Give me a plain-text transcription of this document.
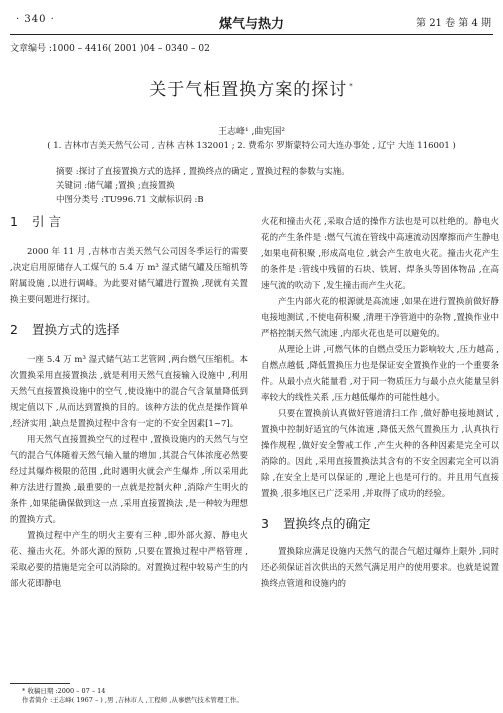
· 340 ·	煤气与热力	第 21 卷 第 4 期
文章编号 :1000 – 4416( 2001 )04 – 0340 – 02
关于气柜置换方案的探讨 *
王志峰¹ ,曲宪国²
( 1. 吉林市吉美天然气公司 , 吉林 吉林 132001 ; 2. 费希尔 罗斯蒙特公司大连办事处 , 辽宁 大连 116001 )
摘要 :探讨了直接置换方式的选择 , 置换终点的确定 , 置换过程的参数与实施。
关键词 :储气罐 ;置换 ;直接置换
中图分类号 :TU996.71 文献标识码 :B
1 引 言

2000 年 11 月 ,吉林市吉美天然气公司因冬季运行的需要 ,决定启用原储存人工煤气的 5.4 万 m³ 湿式储气罐及压缩机等附属设施 ,以进行调峰。为此要对储气罐进行置换 ,现就有关置换主要问题进行探讨。

2 置换方式的选择

一座 5.4 万 m³ 湿式储气站工艺管网 ,两台燃气压缩机。本次置换采用直接置换法 ,就是利用天然气直接输入设施中 ,利用天然气直接置换设施中的空气 ,使设施中的混合气含氧量降低到规定值以下 ,从而达到置换的目的。该种方法的优点是操作简单 ,经济实用 ,缺点是置换过程中含有一定的不安全因素[1~7]。

用天然气直接置换空气的过程中 ,置换设施内的天然气与空气的混合气体随着天然气输入量的增加 ,其混合气体浓度必然要经过其爆炸极限的范围 ,此时遇明火就会产生爆炸 ,所以采用此种方法进行置换 ,最重要的一点就是控制火种 ,消除产生明火的条件 ,如果能确保做到这一点 ,采用直接置换法 ,是一种较为理想的置换方式。

置换过程中产生的明火主要有三种 ,即外部火源、静电火花、撞击火花。外部火源的预防 ,只要在置换过程中严格管理 ,采取必要的措施是完全可以消除的。对置换过程中较易产生的内部火花即静电

火花和撞击火花 ,采取合适的操作方法也是可以杜绝的。静电火花的产生条件是 :燃气气流在管线中高速流动因摩擦而产生静电 ,如果电荷积聚 ,形成高电位 ,就会产生放电火花。撞击火花产生的条件是 :管线中残留的石块、铁屑、焊条头等固体物品 ,在高速气流的吹动下 ,发生撞击而产生火花。

产生内部火花的根源就是高流速 ,如果在进行置换前做好静电接地测试 ,不使电荷积聚 ,清理干净管道中的杂物 ,置换作业中严格控制天然气流速 ,内部火花也是可以避免的。

从理论上讲 ,可燃气体的自燃点受压力影响较大 ,压力越高 ,自燃点越低 ,降低置换压力也是保证安全置换作业的一个重要条件。从最小点火能量看 ,对于同一物质压力与最小点火能量呈斜率较大的线性关系 ,压力越低爆炸的可能性越小。

只要在置换前认真做好管道清扫工作 ,做好静电接地测试 ,置换中控制好适宜的气体流速 ,降低天然气置换压力 ,认真执行操作规程 ,做好安全警戒工作 ,产生火种的各种因素是完全可以消除的。因此 ,采用直接置换法其含有的不安全因素完全可以消除 ,在安全上是可以保证的 ,理论上也是可行的。并且用气直接置换 ,很多地区已广泛采用 ,并取得了成功的经验。

3 置换终点的确定

置换除应满足设施内天然气的混合气超过爆炸上限外 ,同时还必须保证首次供出的天然气满足用户的使用要求。也就是说置换终点管道和设施内的

* 收稿日期 :2000 – 07 – 14
作者简介 :王志峰( 1967 – ) ,男 ,吉林市人 ,工程师 ,从事燃气技术管理工作。
